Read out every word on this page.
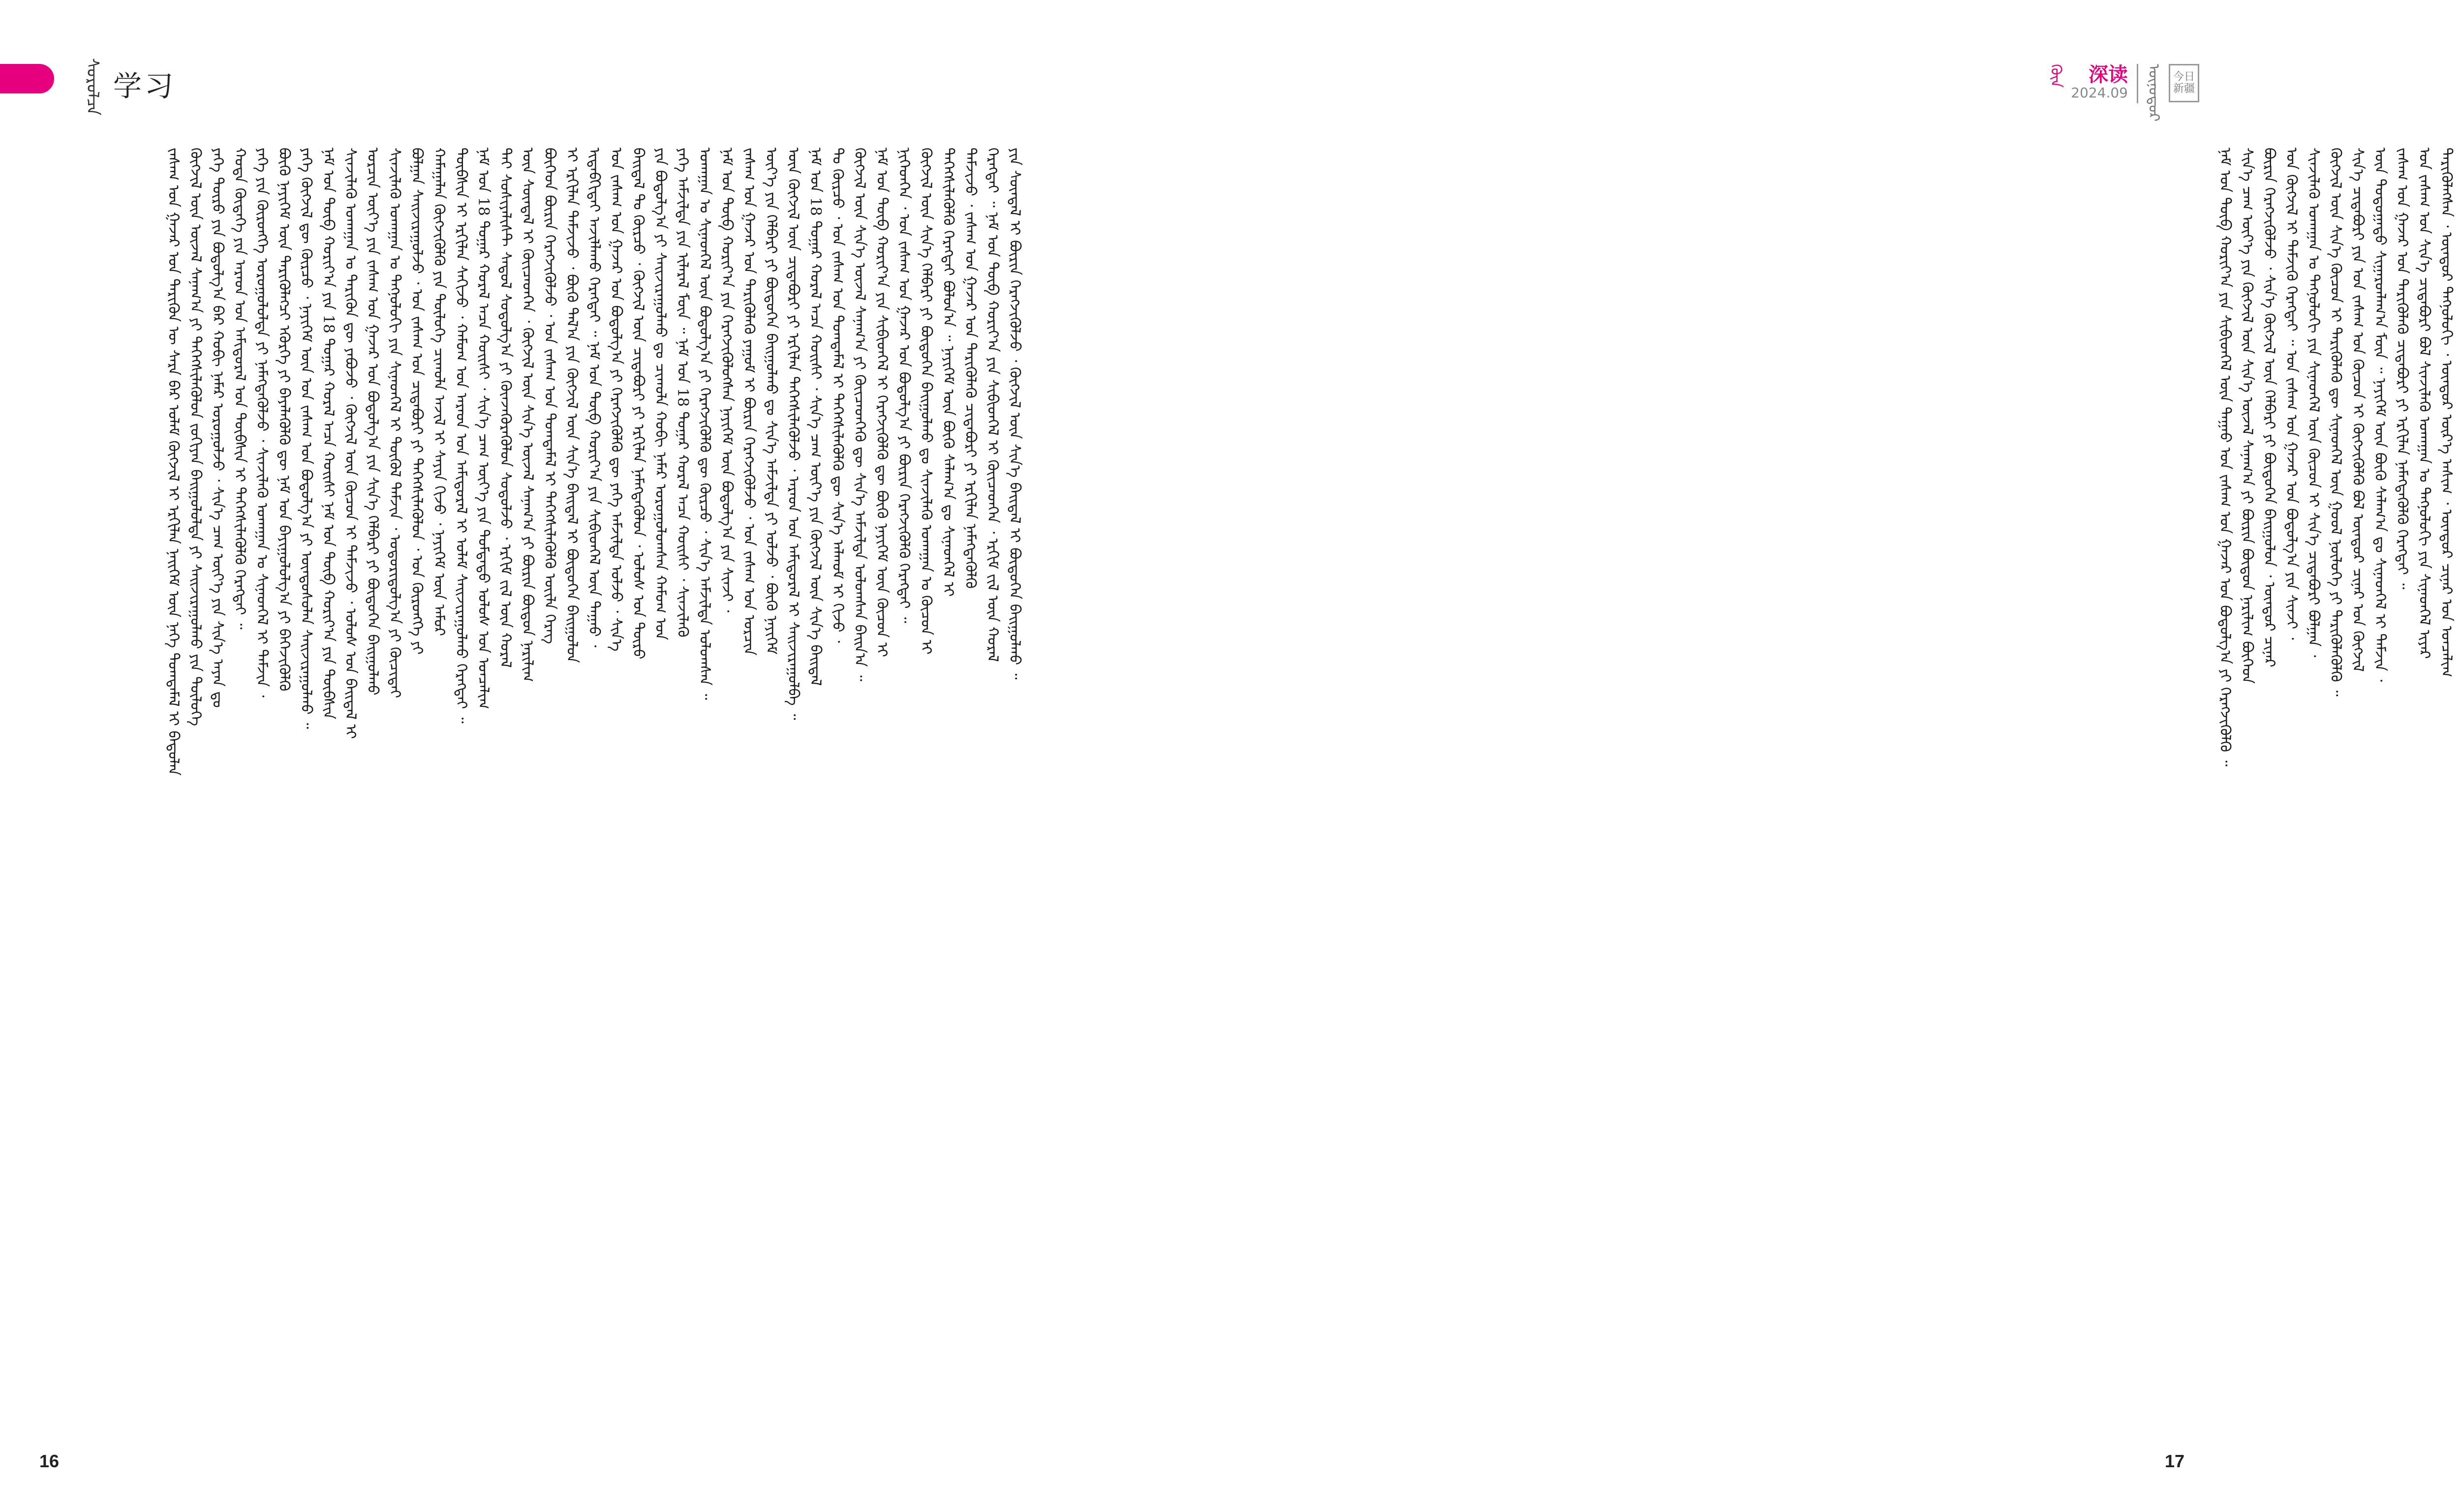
ᠰᠤᠷᠤᠯᠴᠠ 学习
ᠵᠠᠰᠠᠭ ᠤᠨ ᠭᠠᠵᠠᠷ ᠤᠨ ᠲᠡᠷᠢᠭᠦᠨ ᠦ ᠰᠠᠷᠠ ᠪᠠᠷ ᠤᠯᠠᠮ ᠬᠥᠭᠵᠢᠯ ᠢ ᠡᠷᠬᠢᠯᠡᠨ ᠨᠡᠢᠭᠡᠮ ᠦᠨ ᠨᠡᠭᠡ ᠲᠣᠭᠲᠠᠮᠠᠯ ᠢ ᠪᠠᠲᠤᠯᠠᠨ ᠬᠥᠭᠵᠢᠯ ᠦᠨ ᠦᠵᠡᠯ ᠰᠠᠨᠠᠭ᠎ᠠ ᠶᠢ ᠳᠡᠭᠡᠭᠰᠢᠯᠡᠭᠦᠯᠦᠨ ᠵᠣᠬᠢᠶᠠᠨ ᠪᠠᠢᠭᠤᠯᠤᠯᠲᠠ ᠶᠢ ᠰᠠᠢᠵᠢᠷᠠᠭᠤᠯᠬᠤ ᠶᠢᠨ ᠲᠥᠯᠥᠭᠡ ᠶᠡᠬᠡ ᠲᠥᠷᠥ ᠶᠢᠨ ᠪᠣᠳᠣᠯᠭ᠎ᠠ ᠪᠡᠷ ᠬᠤᠪᠢ ᠨᠡᠮᠡᠷ ᠣᠷᠤᠭᠤᠯᠵᠤ ᠂ ᠰᠢᠨ᠎ᠡ ᠴᠠᠭ ᠦᠶ᠎ᠡ ᠶᠢᠨ ᠰᠢᠨ᠎ᠡ ᠠᠶᠠᠨ ᠳᠤ ᠬᠣᠲᠠ ᠬᠥᠳᠡᠭᠡ ᠶᠢᠨ ᠠᠷᠠᠳ ᠤᠨ ᠠᠮᠢᠳᠤᠷᠠᠯ ᠤᠨ ᠲᠦᠪᠰᠢᠨ ᠢ ᠳᠡᠭᠡᠭᠰᠢᠯᠡᠭᠦᠯᠬᠦ ᠬᠡᠷᠡᠭᠲᠡᠢ ᠃ ᠶᠡᠬᠡ ᠶᠢᠨ ᠬᠥᠷᠥᠩᠭᠡ ᠣᠷᠣᠭᠤᠯᠤᠯᠲᠠ ᠶᠢ ᠨᠡᠮᠡᠭᠳᠡᠭᠦᠯᠵᠦ ᠂ ᠰᠢᠨᠵᠢᠯᠡᠬᠦ ᠤᠬᠠᠭᠠᠨ ᠤ ᠰᠢᠨᠡᠳᠬᠡᠯ ᠢ ᠳᠡᠮᠵᠢᠨ ᠂ ᠪᠦᠬᠦ ᠨᠡᠶᠢᠭᠡᠮ ᠦᠨ ᠲᠡᠷᠢᠭᠦᠯᠡᠭᠴᠢ ᠡᠭᠦᠷᠭᠡ ᠶᠢ ᠪᠡᠶᠡᠯᠡᠭᠦᠯᠬᠦ ᠳᠦ ᠨᠠᠮ ᠤᠨ ᠪᠠᠶᠢᠭᠤᠯᠤᠯᠭ᠎ᠠ ᠶᠢ ᠪᠡᠬᠡᠵᠢᠭᠦᠯᠬᠦ ᠶᠡᠬᠡ ᠬᠥᠭᠵᠢᠯ ᠳᠦ ᠬᠦᠷᠴᠦ ᠂ ᠨᠡᠶᠢᠭᠡᠮ ᠦᠨ ᠡᠳ ᠵᠠᠰᠠᠭ ᠤᠨ ᠪᠣᠳᠣᠯᠭ᠎ᠠ ᠶᠢ ᠦᠨᠳᠦᠰᠦᠯᠡᠨ ᠰᠠᠢᠵᠢᠷᠠᠭᠤᠯᠬᠤ ᠃ ᠨᠠᠮ ᠤᠨ ᠲᠥᠪ ᠬᠣᠷᠢᠶ᠎ᠠ ᠶᠢᠨ 18 ᠳᠤᠭᠠᠷ ᠬᠤᠷᠠᠯ ᠠᠴᠠ ᠬᠣᠢᠰᠢ ᠨᠠᠮ ᠤᠨ ᠲᠥᠪ ᠬᠣᠷᠢᠶ᠎ᠠ ᠶᠢᠨ ᠲᠦᠪᠰᠢᠨ ᠰᠢᠨᠵᠢᠯᠡᠬᠦ ᠤᠬᠠᠭᠠᠨ ᠤ ᠲᠡᠷᠢᠭᠦᠨ ᠳᠦ ᠶᠠᠪᠤᠵᠤ ᠂ ᠬᠥᠭᠵᠢᠯ ᠦᠨ ᠬᠦᠴᠦᠨ ᠢ ᠳᠡᠮᠵᠢᠵᠦ ᠂ ᠤᠯᠤᠰ ᠤᠨ ᠪᠠᠢᠳᠠᠯ ᠢ ᠣᠷᠴᠢᠨ ᠦᠶ᠎ᠡ ᠶᠢᠨ ᠵᠠᠰᠠᠭ ᠤᠨ ᠭᠠᠵᠠᠷ ᠤᠨ ᠪᠣᠳᠣᠯᠭ᠎ᠠ ᠶᠢᠨ ᠰᠢᠨ᠎ᠡ ᠬᠡᠯᠪᠡᠷᠢ ᠶᠢ ᠪᠦᠲᠦᠭᠡᠨ ᠪᠠᠢᠭᠤᠯᠬᠤ ᠰᠢᠨᠵᠢᠯᠡᠬᠦ ᠤᠬᠠᠭᠠᠨ ᠤ ᠲᠡᠬᠨᠣᠯᠣᠭᠢ ᠶᠢᠨ ᠰᠢᠨᠡᠳᠬᠡᠯ ᠢ ᠲᠥᠭᠦᠯ ᠳᠡᠮᠵᠢᠨ ᠂ ᠤᠳᠤᠷᠢᠳᠤᠯᠭ᠎ᠠ ᠶᠢ ᠬᠦᠴᠢᠲᠡᠢ ᠪᠤᠯᠭᠠᠨ ᠰᠠᠢᠵᠢᠷᠠᠭᠤᠯᠵᠤ ᠂ ᠡᠳ ᠵᠠᠰᠠᠭ ᠤᠨ ᠴᠢᠳᠠᠪᠤᠷᠢ ᠶᠢ ᠳᠡᠭᠡᠭᠰᠢᠯᠡᠭᠦᠯᠦᠨ ᠂ ᠡᠳ ᠬᠥᠷᠥᠩᠭᠡ ᠶᠢ ᠬᠠᠮᠠᠭᠠᠯᠠᠨ ᠬᠥᠭᠵᠢᠭᠦᠯᠬᠦ ᠶᠢᠨ ᠲᠥᠯᠥᠭᠡ ᠴᠢᠬᠤᠯᠠ ᠠᠵᠢᠯ ᠢ ᠰᠠᠶᠢᠨ ᠬᠢᠵᠦ ᠂ ᠨᠡᠶᠢᠭᠡᠮ ᠦᠨ ᠠᠮᠤᠷ ᠲᠦᠪᠰᠢᠨ ᠢ ᠡᠷᠬᠢᠯᠡᠨ ᠰᠠᠬᠢᠵᠤ ᠂ ᠬᠠᠮᠤᠭ ᠤᠨ ᠠᠷᠠᠳ ᠤᠨ ᠠᠮᠢᠳᠤᠷᠠᠯ ᠢ ᠤᠯᠠᠮ ᠰᠠᠢᠵᠢᠷᠠᠭᠤᠯᠬᠤ ᠬᠡᠷᠡᠭᠲᠡᠢ ᠃ ᠨᠠᠮ ᠤᠨ 18 ᠳᠤᠭᠠᠷ ᠬᠤᠷᠠᠯ ᠠᠴᠠ ᠬᠣᠢᠰᠢ ᠂ ᠰᠢᠨ᠎ᠡ ᠴᠠᠭ ᠦᠶ᠎ᠡ ᠶᠢᠨ ᠳᠤᠮᠳᠠᠳᠤ ᠤᠯᠤᠰ ᠤᠨ ᠣᠨᠴᠠᠯᠢᠭ ᠲᠠᠢ ᠰᠣᠰᠢᠶᠠᠯᠢᠰᠲ ᠰᠡᠳᠦᠯ ᠰᠤᠳᠤᠯᠭ᠎ᠠ ᠶᠢ ᠭᠦᠨᠵᠡᠭᠦᠷᠡᠭᠦᠯᠦᠨ ᠰᠤᠳᠤᠯᠵᠤ ᠂ ᠡᠷᠬᠢᠮ ᠵᠢᠯ ᠦᠨ ᠬᠤᠷᠠᠯ ᠦᠨ ᠰᠦᠨᠳᠡᠯ ᠢ ᠭᠦᠢᠴᠡᠳᠬᠡᠨ ᠂ ᠬᠥᠭᠵᠢᠯ ᠦᠨ ᠰᠢᠨ᠎ᠡ ᠦᠵᠡᠯ ᠰᠠᠨᠠᠭ᠎ᠠ ᠶᠢ ᠪᠦᠷᠢᠨ ᠪᠦᠲᠦᠨ ᠨᠠᠷᠢᠯᠢᠭ ᠪᠦᠭᠡᠳ ᠪᠦᠷᠢᠨ ᠬᠡᠷᠡᠭᠵᠢᠭᠦᠯᠵᠦ ᠂ ᠡᠳ ᠵᠠᠰᠠᠭ ᠤᠨ ᠲᠤᠭᠲᠠᠮᠠᠯ ᠢ ᠳᠡᠭᠡᠭᠰᠢᠯᠡᠭᠦᠯᠬᠦ ᠦᠢᠯᠡ ᠬᠡᠷᠡᠭ ᠢ ᠡᠷᠬᠢᠯᠡᠨ ᠳᠡᠮᠵᠢᠵᠦ ᠂ ᠪᠦᠬᠦ ᠲᠠᠯ᠎ᠠ ᠶᠢᠨ ᠬᠥᠭᠵᠢᠯ ᠦᠨ ᠰᠢᠨ᠎ᠡ ᠪᠠᠢᠳᠠᠯ ᠢ ᠪᠦᠲᠦᠭᠡᠨ ᠪᠠᠢᠭᠤᠯᠤᠨ ᠢᠳᠡᠪᠬᠢᠲᠡᠢ ᠠᠵᠢᠯᠯᠠᠬᠤ ᠬᠡᠷᠡᠭᠲᠡᠢ ᠃ ᠨᠠᠮ ᠤᠨ ᠲᠥᠪ ᠬᠣᠷᠢᠶ᠎ᠠ ᠶᠢᠨ ᠰᠢᠪᠢᠳᠬᠡᠯ ᠦᠨ ᠳᠠᠭᠠᠤ ᠂ ᠡᠳ ᠵᠠᠰᠠᠭ ᠤᠨ ᠭᠠᠵᠠᠷ ᠤᠨ ᠪᠣᠳᠣᠯᠭ᠎ᠠ ᠶᠢ ᠬᠡᠷᠡᠭᠵᠢᠭᠦᠯᠬᠦ ᠳᠦ ᠶᠡᠬᠡ ᠠᠮᠵᠢᠯᠲᠠ ᠣᠯᠵᠤ ᠂ ᠰᠢᠨ᠎ᠡ ᠪᠠᠢᠳᠠᠯ ᠲᠤ ᠬᠦᠷᠴᠦ ᠂ ᠬᠥᠭᠵᠢᠯ ᠦᠨ ᠴᠢᠳᠠᠪᠤᠷᠢ ᠶᠢ ᠡᠷᠬᠢᠯᠡᠨ ᠨᠡᠮᠡᠭᠳᠡᠭᠦᠯᠦᠨ ᠂ ᠤᠯᠤᠰ ᠤᠨ ᠲᠥᠷᠥ ᠶᠢᠨ ᠪᠣᠳᠣᠯᠭ᠎ᠠ ᠶᠢ ᠰᠠᠢᠵᠢᠷᠠᠭᠤᠯᠬᠤ ᠳᠤ ᠴᠢᠬᠤᠯᠠ ᠬᠤᠪᠢ ᠨᠡᠮᠡᠷ ᠣᠷᠤᠭᠤᠯᠤᠭᠰᠠᠨ ᠬᠠᠮᠤᠭ ᠤᠨ ᠶᠡᠬᠡ ᠠᠮᠵᠢᠯᠲᠠ ᠶᠢᠨ ᠢᠯᠡᠷᠡᠯ ᠮᠥᠨ ᠃ ᠨᠠᠮ ᠤᠨ 18 ᠳᠤᠭᠠᠷ ᠬᠤᠷᠠᠯ ᠠᠴᠠ ᠬᠣᠢᠰᠢ ᠂ ᠰᠢᠨᠵᠢᠯᠡᠬᠦ ᠤᠬᠠᠭᠠᠨ ᠤ ᠰᠢᠨᠡᠳᠬᠡᠯ ᠦᠨ ᠪᠣᠳᠣᠯᠭ᠎ᠠ ᠶᠢ ᠬᠡᠷᠡᠭᠵᠢᠭᠦᠯᠬᠦ ᠳᠦ ᠬᠦᠷᠴᠦ ᠂ ᠰᠢᠨ᠎ᠡ ᠠᠮᠵᠢᠯᠲᠠ ᠣᠯᠤᠭᠰᠠᠨ ᠃ ᠨᠠᠮ ᠤᠨ ᠲᠥᠪ ᠬᠣᠷᠢᠶ᠎ᠠ ᠶᠢᠨ ᠬᠡᠷᠡᠭᠵᠢᠭᠦᠯᠦᠭᠰᠡᠨ ᠨᠡᠶᠢᠭᠡᠮ ᠦᠨ ᠪᠣᠳᠣᠯᠭ᠎ᠠ ᠶᠢᠨ ᠰᠢᠨᠵᠢ ᠂ ᠵᠠᠰᠠᠭ ᠤᠨ ᠭᠠᠵᠠᠷ ᠤᠨ ᠲᠡᠷᠢᠭᠦᠯᠡᠬᠦ ᠶᠠᠭᠤᠮ ᠢ ᠪᠦᠷᠢᠨ ᠬᠡᠷᠡᠭᠵᠢᠭᠦᠯᠵᠦ ᠂ ᠡᠳ ᠵᠠᠰᠠᠭ ᠤᠨ ᠣᠷᠴᠢᠨ ᠦᠶ᠎ᠡ ᠶᠢᠨ ᠬᠡᠯᠪᠡᠷᠢ ᠶᠢ ᠪᠦᠲᠦᠭᠡᠨ ᠪᠠᠢᠭᠤᠯᠬᠤ ᠳᠤ ᠰᠢᠨ᠎ᠡ ᠠᠮᠵᠢᠯᠲᠠ ᠶᠢ ᠣᠯᠵᠤ ᠂ ᠪᠦᠬᠦ ᠨᠡᠶᠢᠭᠡᠮ ᠦᠨ ᠬᠥᠭᠵᠢᠯ ᠦᠨ ᠴᠢᠳᠠᠪᠤᠷᠢ ᠶᠢ ᠡᠷᠬᠢᠯᠡᠨ ᠳᠡᠭᠡᠭᠰᠢᠯᠡᠭᠦᠯᠵᠦ ᠂ ᠠᠷᠠᠳ ᠤᠨ ᠠᠮᠢᠳᠤᠷᠠᠯ ᠢ ᠰᠠᠢᠵᠢᠷᠠᠭᠤᠯᠪᠠ ᠃ ᠨᠠᠮ ᠤᠨ 18 ᠳᠤᠭᠠᠷ ᠬᠤᠷᠠᠯ ᠠᠴᠠ ᠬᠣᠢᠰᠢ ᠂ ᠰᠢᠨ᠎ᠡ ᠴᠠᠭ ᠦᠶ᠎ᠡ ᠶᠢᠨ ᠬᠥᠭᠵᠢᠯ ᠦᠨ ᠰᠢᠨ᠎ᠡ ᠪᠠᠢᠳᠠᠯ ᠲᠤ ᠬᠦᠷᠴᠦ ᠂ ᠡᠳ ᠵᠠᠰᠠᠭ ᠤᠨ ᠲᠤᠭᠲᠠᠮᠠᠯ ᠢ ᠳᠡᠭᠡᠭᠰᠢᠯᠡᠭᠦᠯᠬᠦ ᠳᠦ ᠰᠢᠨ᠎ᠡ ᠠᠯᠬᠤᠮ ᠢ ᠬᠢᠵᠦ ᠂ ᠬᠥᠭᠵᠢᠯ ᠦᠨ ᠰᠢᠨ᠎ᠡ ᠦᠵᠡᠯ ᠰᠠᠨᠠᠭ᠎ᠠ ᠶᠢ ᠭᠦᠢᠴᠡᠳᠬᠡᠬᠦ ᠳᠦ ᠰᠢᠨ᠎ᠡ ᠠᠮᠵᠢᠯᠲᠠ ᠣᠯᠤᠭᠰᠠᠨ ᠪᠠᠢᠨ᠎ᠠ ᠃ ᠨᠠᠮ ᠤᠨ ᠲᠥᠪ ᠬᠣᠷᠢᠶ᠎ᠠ ᠶᠢᠨ ᠰᠢᠪᠢᠳᠬᠡᠯ ᠢ ᠬᠡᠷᠡᠭᠵᠢᠭᠦᠯᠬᠦ ᠳᠦ ᠪᠦᠬᠦ ᠨᠡᠶᠢᠭᠡᠮ ᠦᠨ ᠬᠦᠴᠦᠨ ᠢ ᠨᠢᠭᠡᠳᠭᠡᠨ ᠂ ᠡᠳ ᠵᠠᠰᠠᠭ ᠤᠨ ᠭᠠᠵᠠᠷ ᠤᠨ ᠪᠣᠳᠣᠯᠭ᠎ᠠ ᠶᠢ ᠪᠦᠷᠢᠨ ᠬᠡᠷᠡᠭᠵᠢᠭᠦᠯᠬᠦ ᠬᠡᠷᠡᠭᠲᠡᠢ ᠃ ᠬᠥᠭᠵᠢᠯ ᠦᠨ ᠰᠢᠨ᠎ᠡ ᠬᠡᠯᠪᠡᠷᠢ ᠶᠢ ᠪᠦᠲᠦᠭᠡᠨ ᠪᠠᠢᠭᠤᠯᠬᠤ ᠳᠤ ᠰᠢᠨᠵᠢᠯᠡᠬᠦ ᠤᠬᠠᠭᠠᠨ ᠤ ᠬᠦᠴᠦᠨ ᠢ ᠳᠡᠭᠡᠭᠰᠢᠯᠡᠭᠦᠯᠬᠦ ᠬᠡᠷᠡᠭᠲᠡᠢ ᠪᠣᠯᠤᠨ᠎ᠠ ᠃ ᠨᠡᠶᠢᠭᠡᠮ ᠦᠨ ᠪᠦᠬᠦ ᠰᠠᠯᠠᠭ᠎ᠠ ᠳᠤ ᠰᠢᠨᠡᠳᠬᠡᠯ ᠢ ᠳᠡᠮᠵᠢᠵᠦ ᠂ ᠵᠠᠰᠠᠭ ᠤᠨ ᠭᠠᠵᠠᠷ ᠤᠨ ᠲᠡᠷᠢᠭᠦᠯᠡᠬᠦ ᠴᠢᠳᠠᠪᠤᠷᠢ ᠶᠢ ᠡᠷᠬᠢᠯᠡᠨ ᠨᠡᠮᠡᠭᠳᠡᠭᠦᠯᠬᠦ ᠬᠡᠷᠡᠭᠲᠡᠢ ᠃ ᠨᠠᠮ ᠤᠨ ᠲᠥᠪ ᠬᠣᠷᠢᠶ᠎ᠠ ᠶᠢᠨ ᠰᠢᠪᠢᠳᠬᠡᠯ ᠢ ᠭᠦᠢᠴᠡᠳᠬᠡᠨ ᠂ ᠡᠷᠬᠢᠮ ᠵᠢᠯ ᠦᠨ ᠬᠤᠷᠠᠯ ᠶᠢᠨ ᠰᠦᠨᠳᠡᠯ ᠢ ᠪᠦᠷᠢᠨ ᠬᠡᠷᠡᠭᠵᠢᠭᠦᠯᠵᠦ ᠂ ᠬᠥᠭᠵᠢᠯ ᠦᠨ ᠰᠢᠨ᠎ᠡ ᠪᠠᠢᠳᠠᠯ ᠢ ᠪᠦᠲᠦᠭᠡᠨ ᠪᠠᠢᠭᠤᠯᠬᠤ ᠃
16
ᠭᠦᠨ 深读
2024.09 ᠦᠨᠦᠳᠦᠷ 今日
新疆
ᠨᠠᠮ ᠤᠨ ᠲᠥᠪ ᠬᠣᠷᠢᠶ᠎ᠠ ᠶᠢᠨ ᠰᠢᠪᠢᠳᠬᠡᠯ ᠦᠨ ᠳᠠᠭᠠᠤ ᠡᠳ ᠵᠠᠰᠠᠭ ᠤᠨ ᠭᠠᠵᠠᠷ ᠤᠨ ᠪᠣᠳᠣᠯᠭ᠎ᠠ ᠶᠢ ᠬᠡᠷᠡᠭᠵᠢᠭᠦᠯᠬᠦ ᠃ ᠰᠢᠨ᠎ᠡ ᠴᠠᠭ ᠦᠶ᠎ᠡ ᠶᠢᠨ ᠬᠥᠭᠵᠢᠯ ᠦᠨ ᠰᠢᠨ᠎ᠡ ᠦᠵᠡᠯ ᠰᠠᠨᠠᠭ᠎ᠠ ᠶᠢ ᠪᠦᠷᠢᠨ ᠪᠦᠲᠦᠨ ᠨᠠᠷᠢᠯᠢᠭ ᠪᠦᠭᠡᠳ ᠪᠦᠷᠢᠨ ᠬᠡᠷᠡᠭᠵᠢᠭᠦᠯᠵᠦ ᠂ ᠰᠢᠨ᠎ᠡ ᠬᠥᠭᠵᠢᠯ ᠦᠨ ᠬᠡᠯᠪᠡᠷᠢ ᠶᠢ ᠪᠦᠲᠦᠭᠡᠨ ᠪᠠᠢᠭᠤᠯᠤᠨ ᠂ ᠥᠨᠳᠥᠷ ᠴᠢᠨᠠᠷ ᠤᠨ ᠬᠥᠭᠵᠢᠯ ᠢ ᠳᠡᠮᠵᠢᠬᠦ ᠬᠡᠷᠡᠭᠲᠡᠢ ᠃ ᠡᠳ ᠵᠠᠰᠠᠭ ᠤᠨ ᠭᠠᠵᠠᠷ ᠤᠨ ᠪᠣᠳᠣᠯᠭ᠎ᠠ ᠶᠢᠨ ᠰᠢᠨᠵᠢ ᠂ ᠰᠢᠨᠵᠢᠯᠡᠬᠦ ᠤᠬᠠᠭᠠᠨ ᠤ ᠲᠡᠬᠨᠣᠯᠣᠭᠢ ᠶᠢᠨ ᠰᠢᠨᠡᠳᠬᠡᠯ ᠦᠨ ᠬᠦᠴᠦᠨ ᠢ ᠰᠢᠨ᠎ᠡ ᠴᠢᠳᠠᠪᠤᠷᠢ ᠪᠣᠯᠭᠠᠨ ᠂ ᠬᠥᠭᠵᠢᠯ ᠦᠨ ᠰᠢᠨ᠎ᠡ ᠬᠦᠴᠦᠨ ᠢ ᠲᠡᠷᠢᠭᠦᠯᠡᠬᠦ ᠳᠦ ᠰᠢᠨᠡᠳᠬᠡᠯ ᠦᠨ ᠭᠣᠣᠯ ᠨᠥᠯᠥᠭᠡ ᠶᠢ ᠲᠡᠷᠢᠭᠦᠯᠡᠭᠦᠯᠬᠦ ᠃ ᠰᠢᠨ᠎ᠡ ᠴᠢᠳᠠᠪᠤᠷᠢ ᠶᠢᠨ ᠡᠳ ᠵᠠᠰᠠᠭ ᠤᠨ ᠬᠦᠴᠦᠨ ᠢ ᠬᠥᠭᠵᠢᠭᠦᠯᠬᠦ ᠪᠣᠯ ᠥᠨᠳᠥᠷ ᠴᠢᠨᠠᠷ ᠤᠨ ᠬᠥᠭᠵᠢᠯ ᠦᠨ ᠳᠣᠲᠣᠭᠠᠳᠤ ᠰᠢᠭᠠᠷᠳᠯᠠᠭ᠎ᠠ ᠮᠥᠨ ᠃ ᠨᠡᠶᠢᠭᠡᠮ ᠦᠨ ᠪᠦᠬᠦ ᠰᠠᠯᠠᠭ᠎ᠠ ᠳᠤ ᠰᠢᠨᠡᠳᠬᠡᠯ ᠢ ᠳᠡᠮᠵᠢᠨ ᠂ ᠵᠠᠰᠠᠭ ᠤᠨ ᠭᠠᠵᠠᠷ ᠤᠨ ᠲᠡᠷᠢᠭᠦᠯᠡᠬᠦ ᠴᠢᠳᠠᠪᠤᠷᠢ ᠶᠢ ᠡᠷᠬᠢᠯᠡᠨ ᠨᠡᠮᠡᠭᠳᠡᠭᠦᠯᠬᠦ ᠬᠡᠷᠡᠭᠲᠡᠢ ᠃ ᠡᠳ ᠵᠠᠰᠠᠭ ᠤᠨ ᠰᠢᠨ᠎ᠡ ᠴᠢᠳᠠᠪᠤᠷᠢ ᠪᠣᠯ ᠰᠢᠨᠵᠢᠯᠡᠬᠦ ᠤᠬᠠᠭᠠᠨ ᠤ ᠲᠡᠬᠨᠣᠯᠣᠭᠢ ᠶᠢᠨ ᠰᠢᠨᠡᠳᠬᠡᠯ ᠢᠶᠡᠷ ᠲᠡᠷᠢᠭᠦᠯᠡᠭᠰᠡᠨ ᠂ ᠥᠨᠳᠥᠷ ᠲᠡᠬᠨᠣᠯᠣᠭᠢ ᠂ ᠥᠨᠳᠥᠷ ᠦᠷ᠎ᠡ ᠠᠰᠢᠭ ᠂ ᠥᠨᠳᠥᠷ ᠴᠢᠨᠠᠷ ᠤᠨ ᠣᠨᠴᠠᠯᠢᠭ
17
